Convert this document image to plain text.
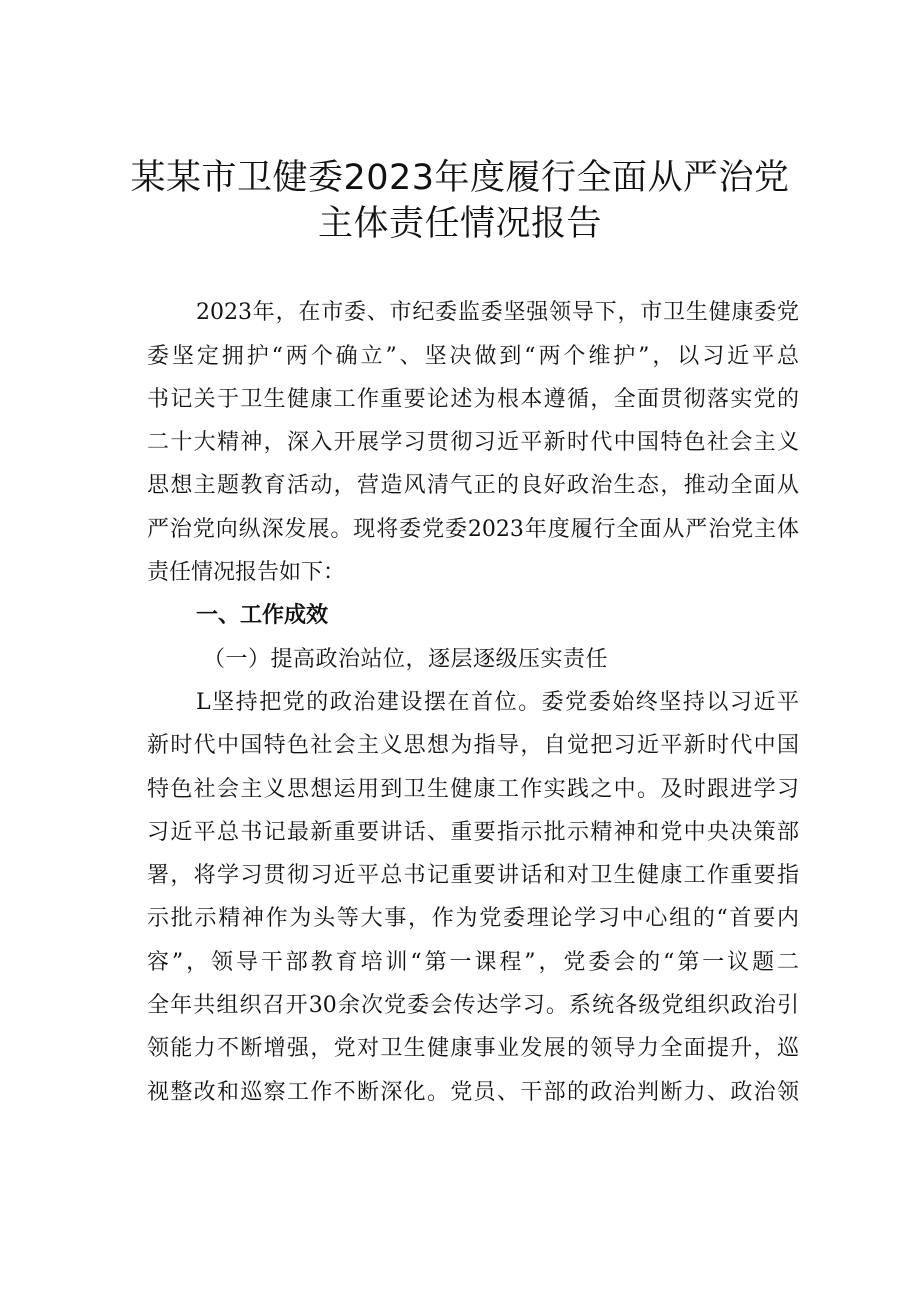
某某市卫健委2023年度履行全面从严治党
主体责任情况报告
2023年，在市委、市纪委监委坚强领导下，市卫生健康委党
委坚定拥护“两个确立”、坚决做到“两个维护”，以习近平总
书记关于卫生健康工作重要论述为根本遵循，全面贯彻落实党的
二十大精神，深入开展学习贯彻习近平新时代中国特色社会主义
思想主题教育活动，营造风清气正的良好政治生态，推动全面从
严治党向纵深发展。现将委党委2023年度履行全面从严治党主体
责任情况报告如下：
一、工作成效
（一）提高政治站位，逐层逐级压实责任
L坚持把党的政治建设摆在首位。委党委始终坚持以习近平
新时代中国特色社会主义思想为指导，自觉把习近平新时代中国
特色社会主义思想运用到卫生健康工作实践之中。及时跟进学习
习近平总书记最新重要讲话、重要指示批示精神和党中央决策部
署，将学习贯彻习近平总书记重要讲话和对卫生健康工作重要指
示批示精神作为头等大事，作为党委理论学习中心组的“首要内
容”，领导干部教育培训“第一课程”，党委会的“第一议题二
全年共组织召开30余次党委会传达学习。系统各级党组织政治引
领能力不断增强，党对卫生健康事业发展的领导力全面提升，巡
视整改和巡察工作不断深化。党员、干部的政治判断力、政治领
